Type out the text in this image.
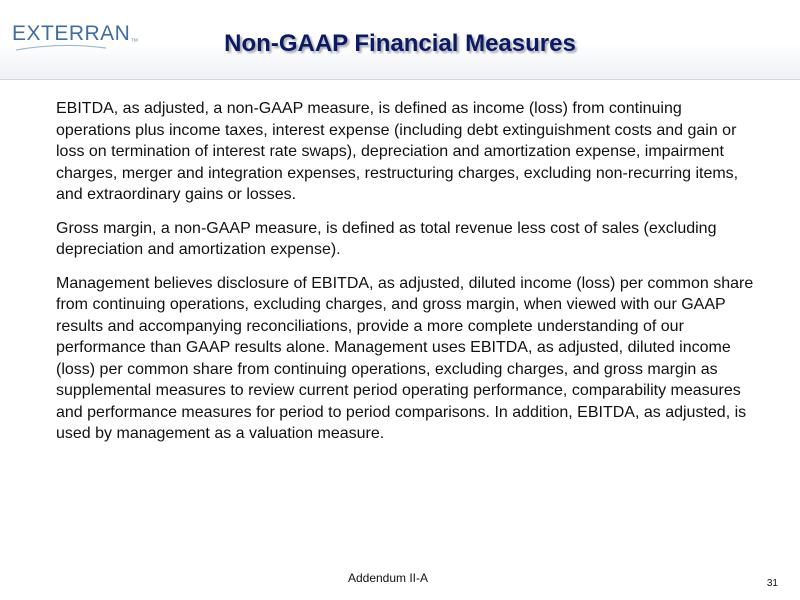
EXTERRAN™	Non-GAAP Financial Measures

EBITDA, as adjusted, a non-GAAP measure, is defined as income (loss) from continuing operations plus income taxes, interest expense (including debt extinguishment costs and gain or loss on termination of interest rate swaps), depreciation and amortization expense, impairment charges, merger and integration expenses, restructuring charges, excluding non-recurring items, and extraordinary gains or losses.

Gross margin, a non-GAAP measure, is defined as total revenue less cost of sales (excluding depreciation and amortization expense).

Management believes disclosure of EBITDA, as adjusted, diluted income (loss) per common share from continuing operations, excluding charges, and gross margin, when viewed with our GAAP results and accompanying reconciliations, provide a more complete understanding of our performance than GAAP results alone. Management uses EBITDA, as adjusted, diluted income (loss) per common share from continuing operations, excluding charges, and gross margin as supplemental measures to review current period operating performance, comparability measures and performance measures for period to period comparisons. In addition, EBITDA, as adjusted, is used by management as a valuation measure.

Addendum II-A	31
